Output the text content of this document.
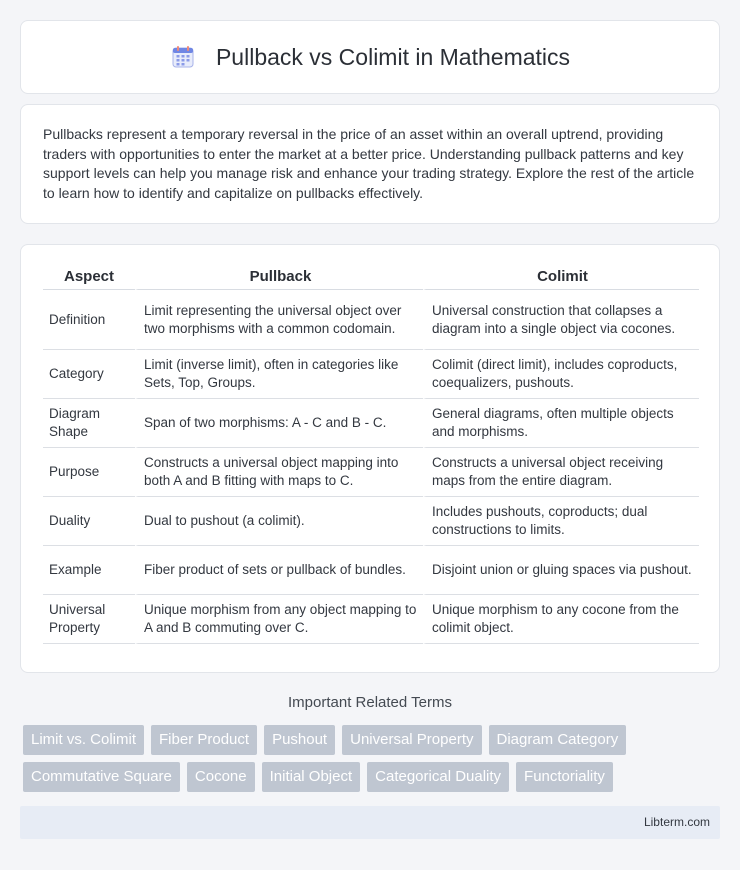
Pullback vs Colimit in Mathematics

Pullbacks represent a temporary reversal in the price of an asset within an overall uptrend, providing traders with opportunities to enter the market at a better price. Understanding pullback patterns and key support levels can help you manage risk and enhance your trading strategy. Explore the rest of the article to learn how to identify and capitalize on pullbacks effectively.

Aspect	Pullback	Colimit
Definition	Limit representing the universal object over two morphisms with a common codomain.	Universal construction that collapses a diagram into a single object via cocones.
Category	Limit (inverse limit), often in categories like Sets, Top, Groups.	Colimit (direct limit), includes coproducts, coequalizers, pushouts.
Diagram Shape	Span of two morphisms: A - C and B - C.	General diagrams, often multiple objects and morphisms.
Purpose	Constructs a universal object mapping into both A and B fitting with maps to C.	Constructs a universal object receiving maps from the entire diagram.
Duality	Dual to pushout (a colimit).	Includes pushouts, coproducts; dual constructions to limits.
Example	Fiber product of sets or pullback of bundles.	Disjoint union or gluing spaces via pushout.
Universal Property	Unique morphism from any object mapping to A and B commuting over C.	Unique morphism to any cocone from the colimit object.
Important Related Terms
Limit vs. Colimit	Fiber Product	Pushout	Universal Property	Diagram Category
Commutative Square	Cocone	Initial Object	Categorical Duality	Functoriality
Libterm.com
